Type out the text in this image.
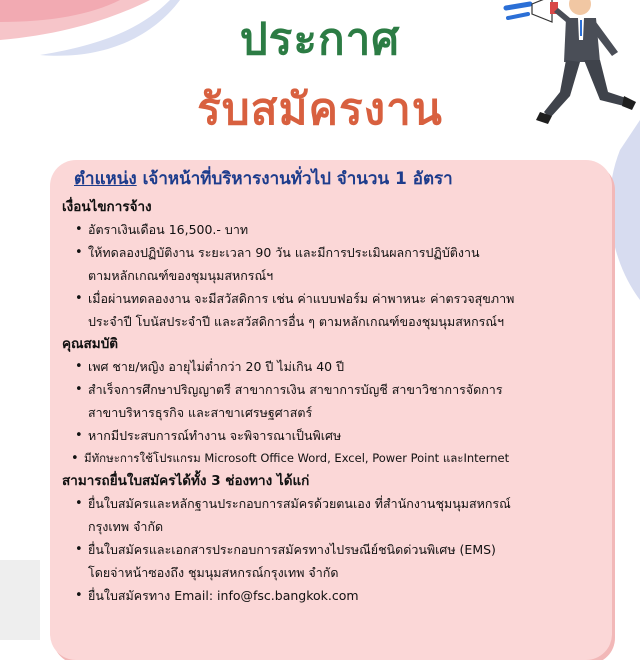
ประกาศ
รับสมัครงาน

ตำแหน่ง เจ้าหน้าที่บริหารงานทั่วไป จำนวน 1 อัตรา

เงื่อนไขการจ้าง

• อัตราเงินเดือน 16,500.- บาท
• ให้ทดลองปฏิบัติงาน ระยะเวลา 90 วัน และมีการประเมินผลการปฏิบัติงาน
ตามหลักเกณฑ์ของชุมนุมสหกรณ์ฯ
• เมื่อผ่านทดลองงาน จะมีสวัสดิการ เช่น ค่าแบบฟอร์ม ค่าพาหนะ ค่าตรวจสุขภาพ
ประจำปี โบนัสประจำปี และสวัสดิการอื่น ๆ ตามหลักเกณฑ์ของชุมนุมสหกรณ์ฯ

คุณสมบัติ

• เพศ ชาย/หญิง อายุไม่ต่ำกว่า 20 ปี ไม่เกิน 40 ปี
• สำเร็จการศึกษาปริญญาตรี สาขาการเงิน สาขาการบัญชี สาขาวิชาการจัดการ
สาขาบริหารธุรกิจ และสาขาเศรษฐศาสตร์
• หากมีประสบการณ์ทำงาน จะพิจารณาเป็นพิเศษ
• มีทักษะการใช้โปรแกรม Microsoft Office Word, Excel, Power Point และInternet

สามารถยื่นใบสมัครได้ทั้ง 3 ช่องทาง ได้แก่

• ยื่นใบสมัครและหลักฐานประกอบการสมัครด้วยตนเอง ที่สำนักงานชุมนุมสหกรณ์
กรุงเทพ จำกัด
• ยื่นใบสมัครและเอกสารประกอบการสมัครทางไปรษณีย์ชนิดด่วนพิเศษ (EMS)
โดยจ่าหน้าซองถึง ชุมนุมสหกรณ์กรุงเทพ จำกัด
• ยื่นใบสมัครทาง Email: info@fsc.bangkok.com
